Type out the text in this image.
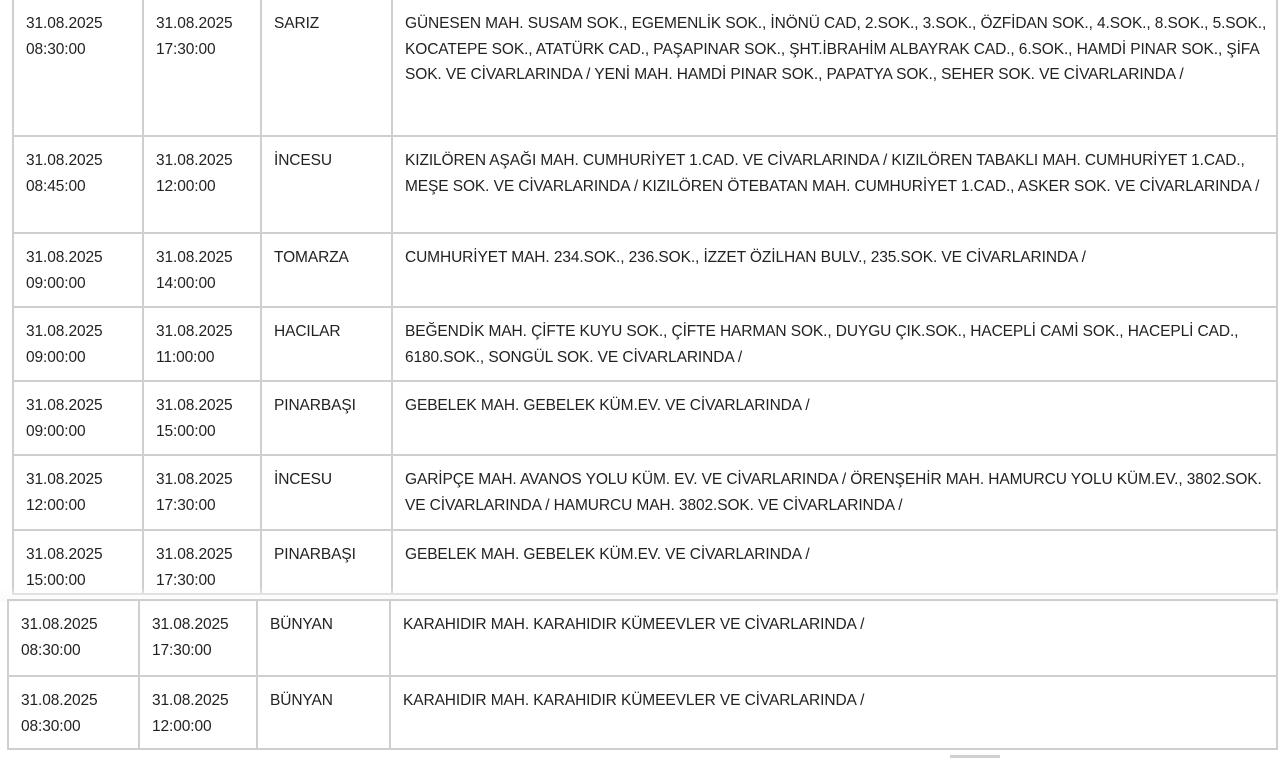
31.08.2025
08:30:00	31.08.2025
17:30:00	SARIZ	GÜNESEN MAH. SUSAM SOK., EGEMENLİK SOK., İNÖNÜ CAD, 2.SOK., 3.SOK., ÖZFİDAN SOK., 4.SOK., 8.SOK., 5.SOK., KOCATEPE SOK., ATATÜRK CAD., PAŞAPINAR SOK., ŞHT.İBRAHİM ALBAYRAK CAD., 6.SOK., HAMDİ PINAR SOK., ŞİFA SOK. VE CİVARLARINDA / YENİ MAH. HAMDİ PINAR SOK., PAPATYA SOK., SEHER SOK. VE CİVARLARINDA /

31.08.2025
08:45:00	31.08.2025
12:00:00	İNCESU	KIZILÖREN AŞAĞI MAH. CUMHURİYET 1.CAD. VE CİVARLARINDA / KIZILÖREN TABAKLI MAH. CUMHURİYET 1.CAD., MEŞE SOK. VE CİVARLARINDA / KIZILÖREN ÖTEBATAN MAH. CUMHURİYET 1.CAD., ASKER SOK. VE CİVARLARINDA /

31.08.2025
09:00:00	31.08.2025
14:00:00	TOMARZA	CUMHURİYET MAH. 234.SOK., 236.SOK., İZZET ÖZİLHAN BULV., 235.SOK. VE CİVARLARINDA /

31.08.2025
09:00:00	31.08.2025
11:00:00	HACILAR	BEĞENDİK MAH. ÇİFTE KUYU SOK., ÇİFTE HARMAN SOK., DUYGU ÇIK.SOK., HACEPLİ CAMİ SOK., HACEPLİ CAD., 6180.SOK., SONGÜL SOK. VE CİVARLARINDA /

31.08.2025
09:00:00	31.08.2025
15:00:00	PINARBAŞI	GEBELEK MAH. GEBELEK KÜM.EV. VE CİVARLARINDA /

31.08.2025
12:00:00	31.08.2025
17:30:00	İNCESU	GARİPÇE MAH. AVANOS YOLU KÜM. EV. VE CİVARLARINDA / ÖRENŞEHİR MAH. HAMURCU YOLU KÜM.EV., 3802.SOK. VE CİVARLARINDA / HAMURCU MAH. 3802.SOK. VE CİVARLARINDA /

31.08.2025
15:00:00	31.08.2025
17:30:00	PINARBAŞI	GEBELEK MAH. GEBELEK KÜM.EV. VE CİVARLARINDA /
31.08.2025
08:30:00	31.08.2025
17:30:00	BÜNYAN	KARAHIDIR MAH. KARAHIDIR KÜMEEVLER VE CİVARLARINDA /

31.08.2025
08:30:00	31.08.2025
12:00:00	BÜNYAN	KARAHIDIR MAH. KARAHIDIR KÜMEEVLER VE CİVARLARINDA /
